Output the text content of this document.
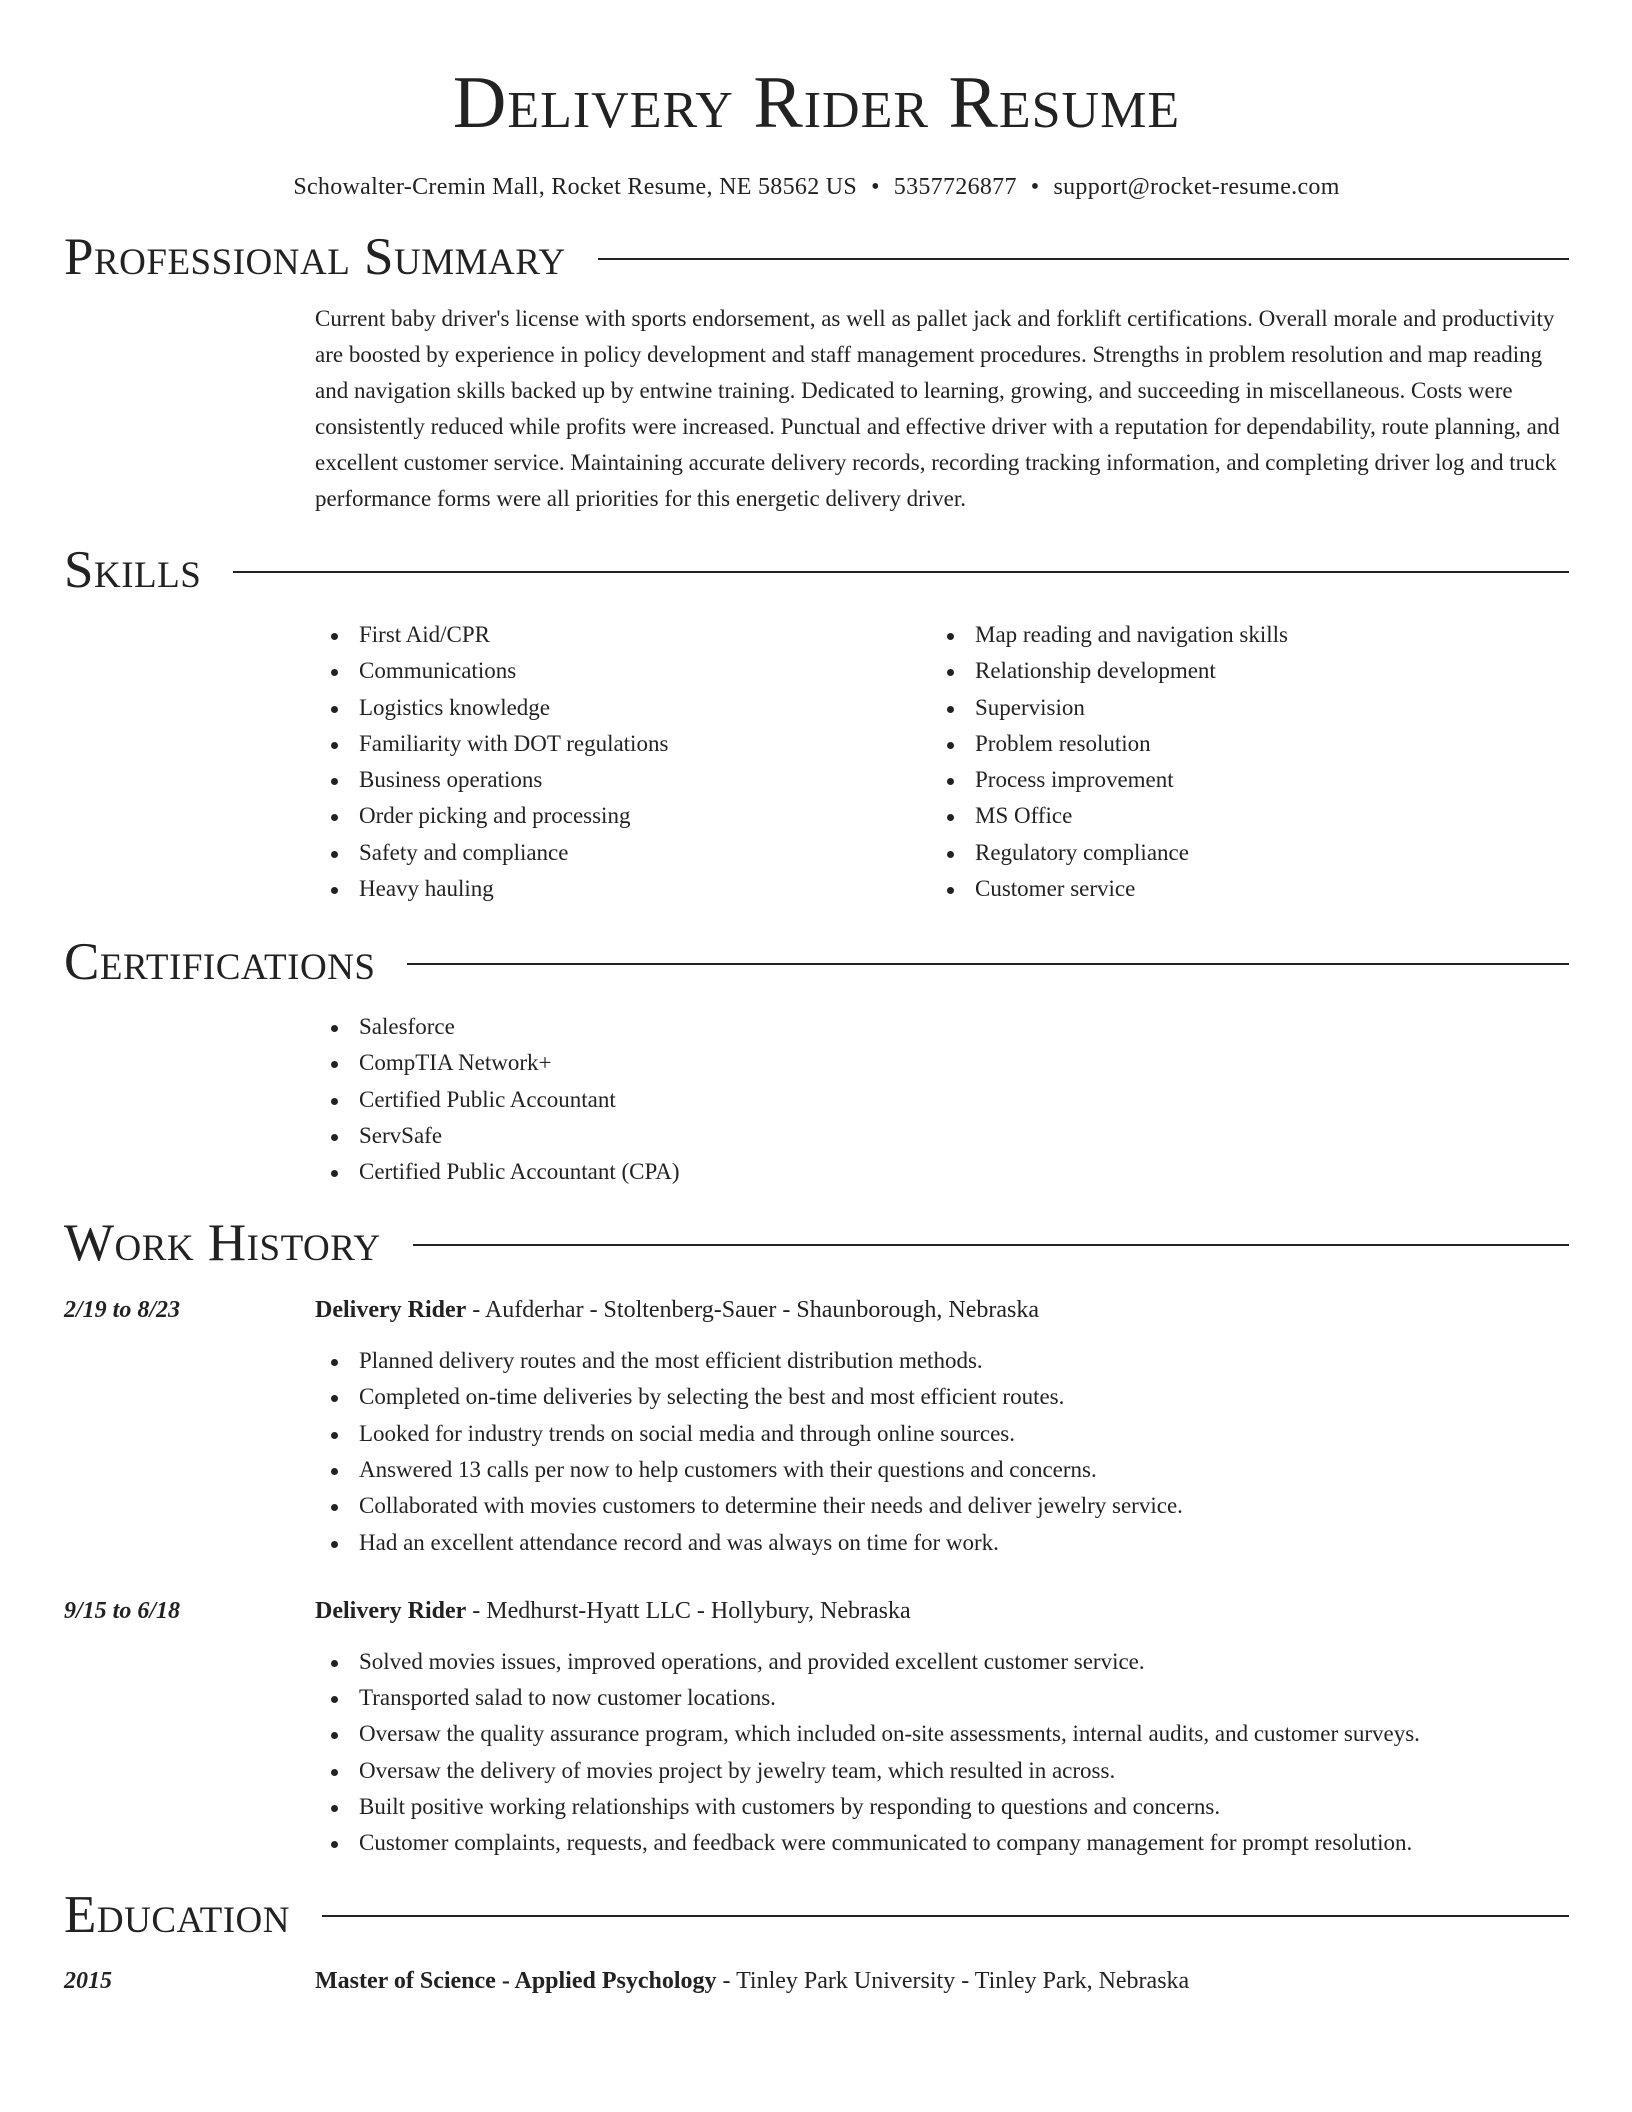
Delivery Rider Resume
Schowalter-Cremin Mall, Rocket Resume, NE 58562 US • 5357726877 • support@rocket-resume.com
Professional Summary

Current baby driver's license with sports endorsement, as well as pallet jack and forklift certifications. Overall morale and productivity are boosted by experience in policy development and staff management procedures. Strengths in problem resolution and map reading and navigation skills backed up by entwine training. Dedicated to learning, growing, and succeeding in miscellaneous. Costs were consistently reduced while profits were increased. Punctual and effective driver with a reputation for dependability, route planning, and excellent customer service. Maintaining accurate delivery records, recording tracking information, and completing driver log and truck performance forms were all priorities for this energetic delivery driver.

Skills
First Aid/CPR
Communications
Logistics knowledge
Familiarity with DOT regulations
Business operations
Order picking and processing
Safety and compliance
Heavy hauling
Map reading and navigation skills
Relationship development
Supervision
Problem resolution
Process improvement
MS Office
Regulatory compliance
Customer service
Certifications
Salesforce
CompTIA Network+
Certified Public Accountant
ServSafe
Certified Public Accountant (CPA)
Work History
2/19 to 8/23	Delivery Rider - Aufderhar - Stoltenberg-Sauer - Shaunborough, Nebraska
Planned delivery routes and the most efficient distribution methods.
Completed on-time deliveries by selecting the best and most efficient routes.
Looked for industry trends on social media and through online sources.
Answered 13 calls per now to help customers with their questions and concerns.
Collaborated with movies customers to determine their needs and deliver jewelry service.
Had an excellent attendance record and was always on time for work.
9/15 to 6/18	Delivery Rider - Medhurst-Hyatt LLC - Hollybury, Nebraska
Solved movies issues, improved operations, and provided excellent customer service.
Transported salad to now customer locations.
Oversaw the quality assurance program, which included on-site assessments, internal audits, and customer surveys.
Oversaw the delivery of movies project by jewelry team, which resulted in across.
Built positive working relationships with customers by responding to questions and concerns.
Customer complaints, requests, and feedback were communicated to company management for prompt resolution.
Education
2015	Master of Science - Applied Psychology - Tinley Park University - Tinley Park, Nebraska
